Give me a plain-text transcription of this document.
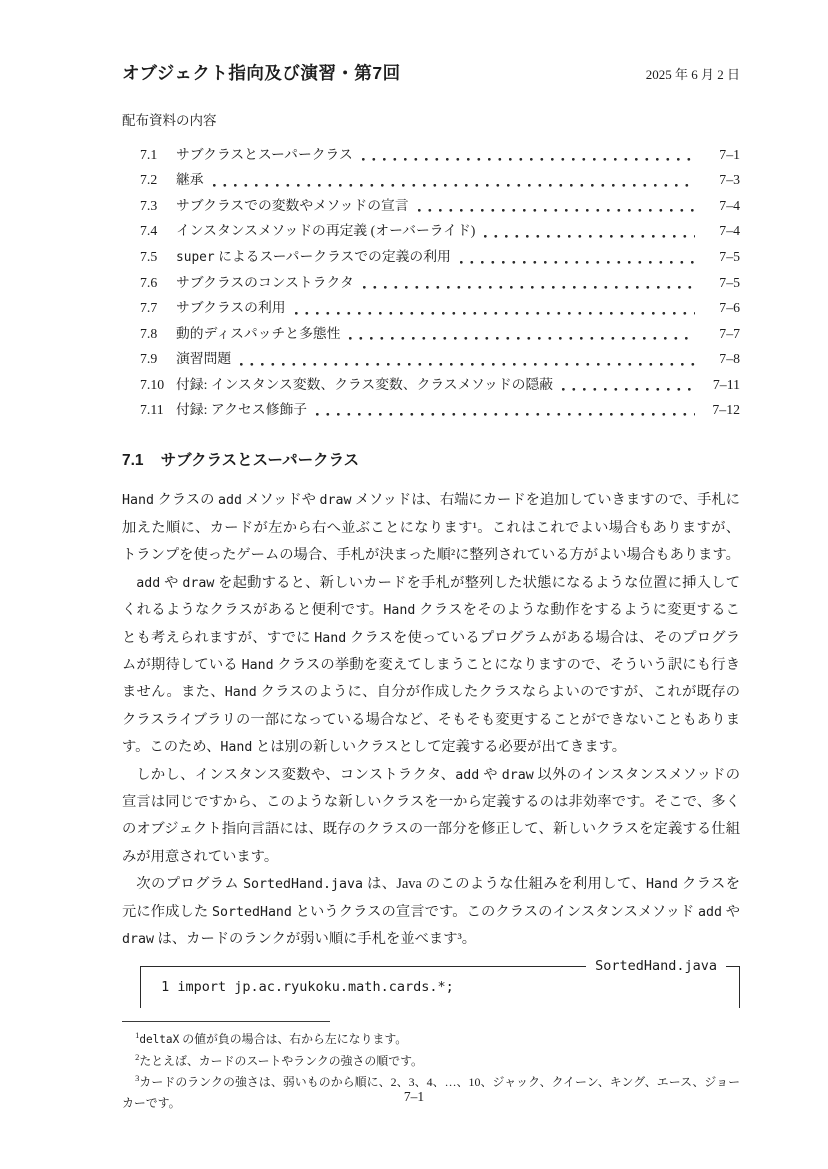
オブジェクト指向及び演習・第7回	2025 年 6 月 2 日
配布資料の内容
7.1	サブクラスとスーパークラス	7–1
7.2	継承	7–3
7.3	サブクラスでの変数やメソッドの宣言	7–4
7.4	インスタンスメソッドの再定義 (オーバーライド)	7–4
7.5	super によるスーパークラスでの定義の利用	7–5
7.6	サブクラスのコンストラクタ	7–5
7.7	サブクラスの利用	7–6
7.8	動的ディスパッチと多態性	7–7
7.9	演習問題	7–8
7.10 付録: インスタンス変数、クラス変数、クラスメソッドの隠蔽	7–11
7.11 付録: アクセス修飾子	7–12
7.1 サブクラスとスーパークラス

Hand クラスの add メソッドや draw メソッドは、右端にカードを追加していきますので、手札に加えた順に、カードが左から右へ並ぶことになります¹。これはこれでよい場合もありますが、トランプを使ったゲームの場合、手札が決まった順²に整列されている方がよい場合もあります。

add や draw を起動すると、新しいカードを手札が整列した状態になるような位置に挿入してくれるようなクラスがあると便利です。Hand クラスをそのような動作をするように変更することも考えられますが、すでに Hand クラスを使っているプログラムがある場合は、そのプログラムが期待している Hand クラスの挙動を変えてしまうことになりますので、そういう訳にも行きません。また、Hand クラスのように、自分が作成したクラスならよいのですが、これが既存のクラスライブラリの一部になっている場合など、そもそも変更することができないこともあります。このため、Hand とは別の新しいクラスとして定義する必要が出てきます。

しかし、インスタンス変数や、コンストラクタ、add や draw 以外のインスタンスメソッドの宣言は同じですから、このような新しいクラスを一から定義するのは非効率です。そこで、多くのオブジェクト指向言語には、既存のクラスの一部分を修正して、新しいクラスを定義する仕組みが用意されています。

次のプログラム SortedHand.java は、Java のこのような仕組みを利用して、Hand クラスを元に作成した SortedHand というクラスの宣言です。このクラスのインスタンスメソッド add や draw は、カードのランクが弱い順に手札を並べます³。

SortedHand.java
1 import jp.ac.ryukoku.math.cards.*;

$^1$deltaX の値が負の場合は、右から左になります。

$^2$たとえば、カードのスートやランクの強さの順です。

$^3$カードのランクの強さは、弱いものから順に、2、3、4、…、10、ジャック、クイーン、キング、エース、ジョーカーです。	7–1
